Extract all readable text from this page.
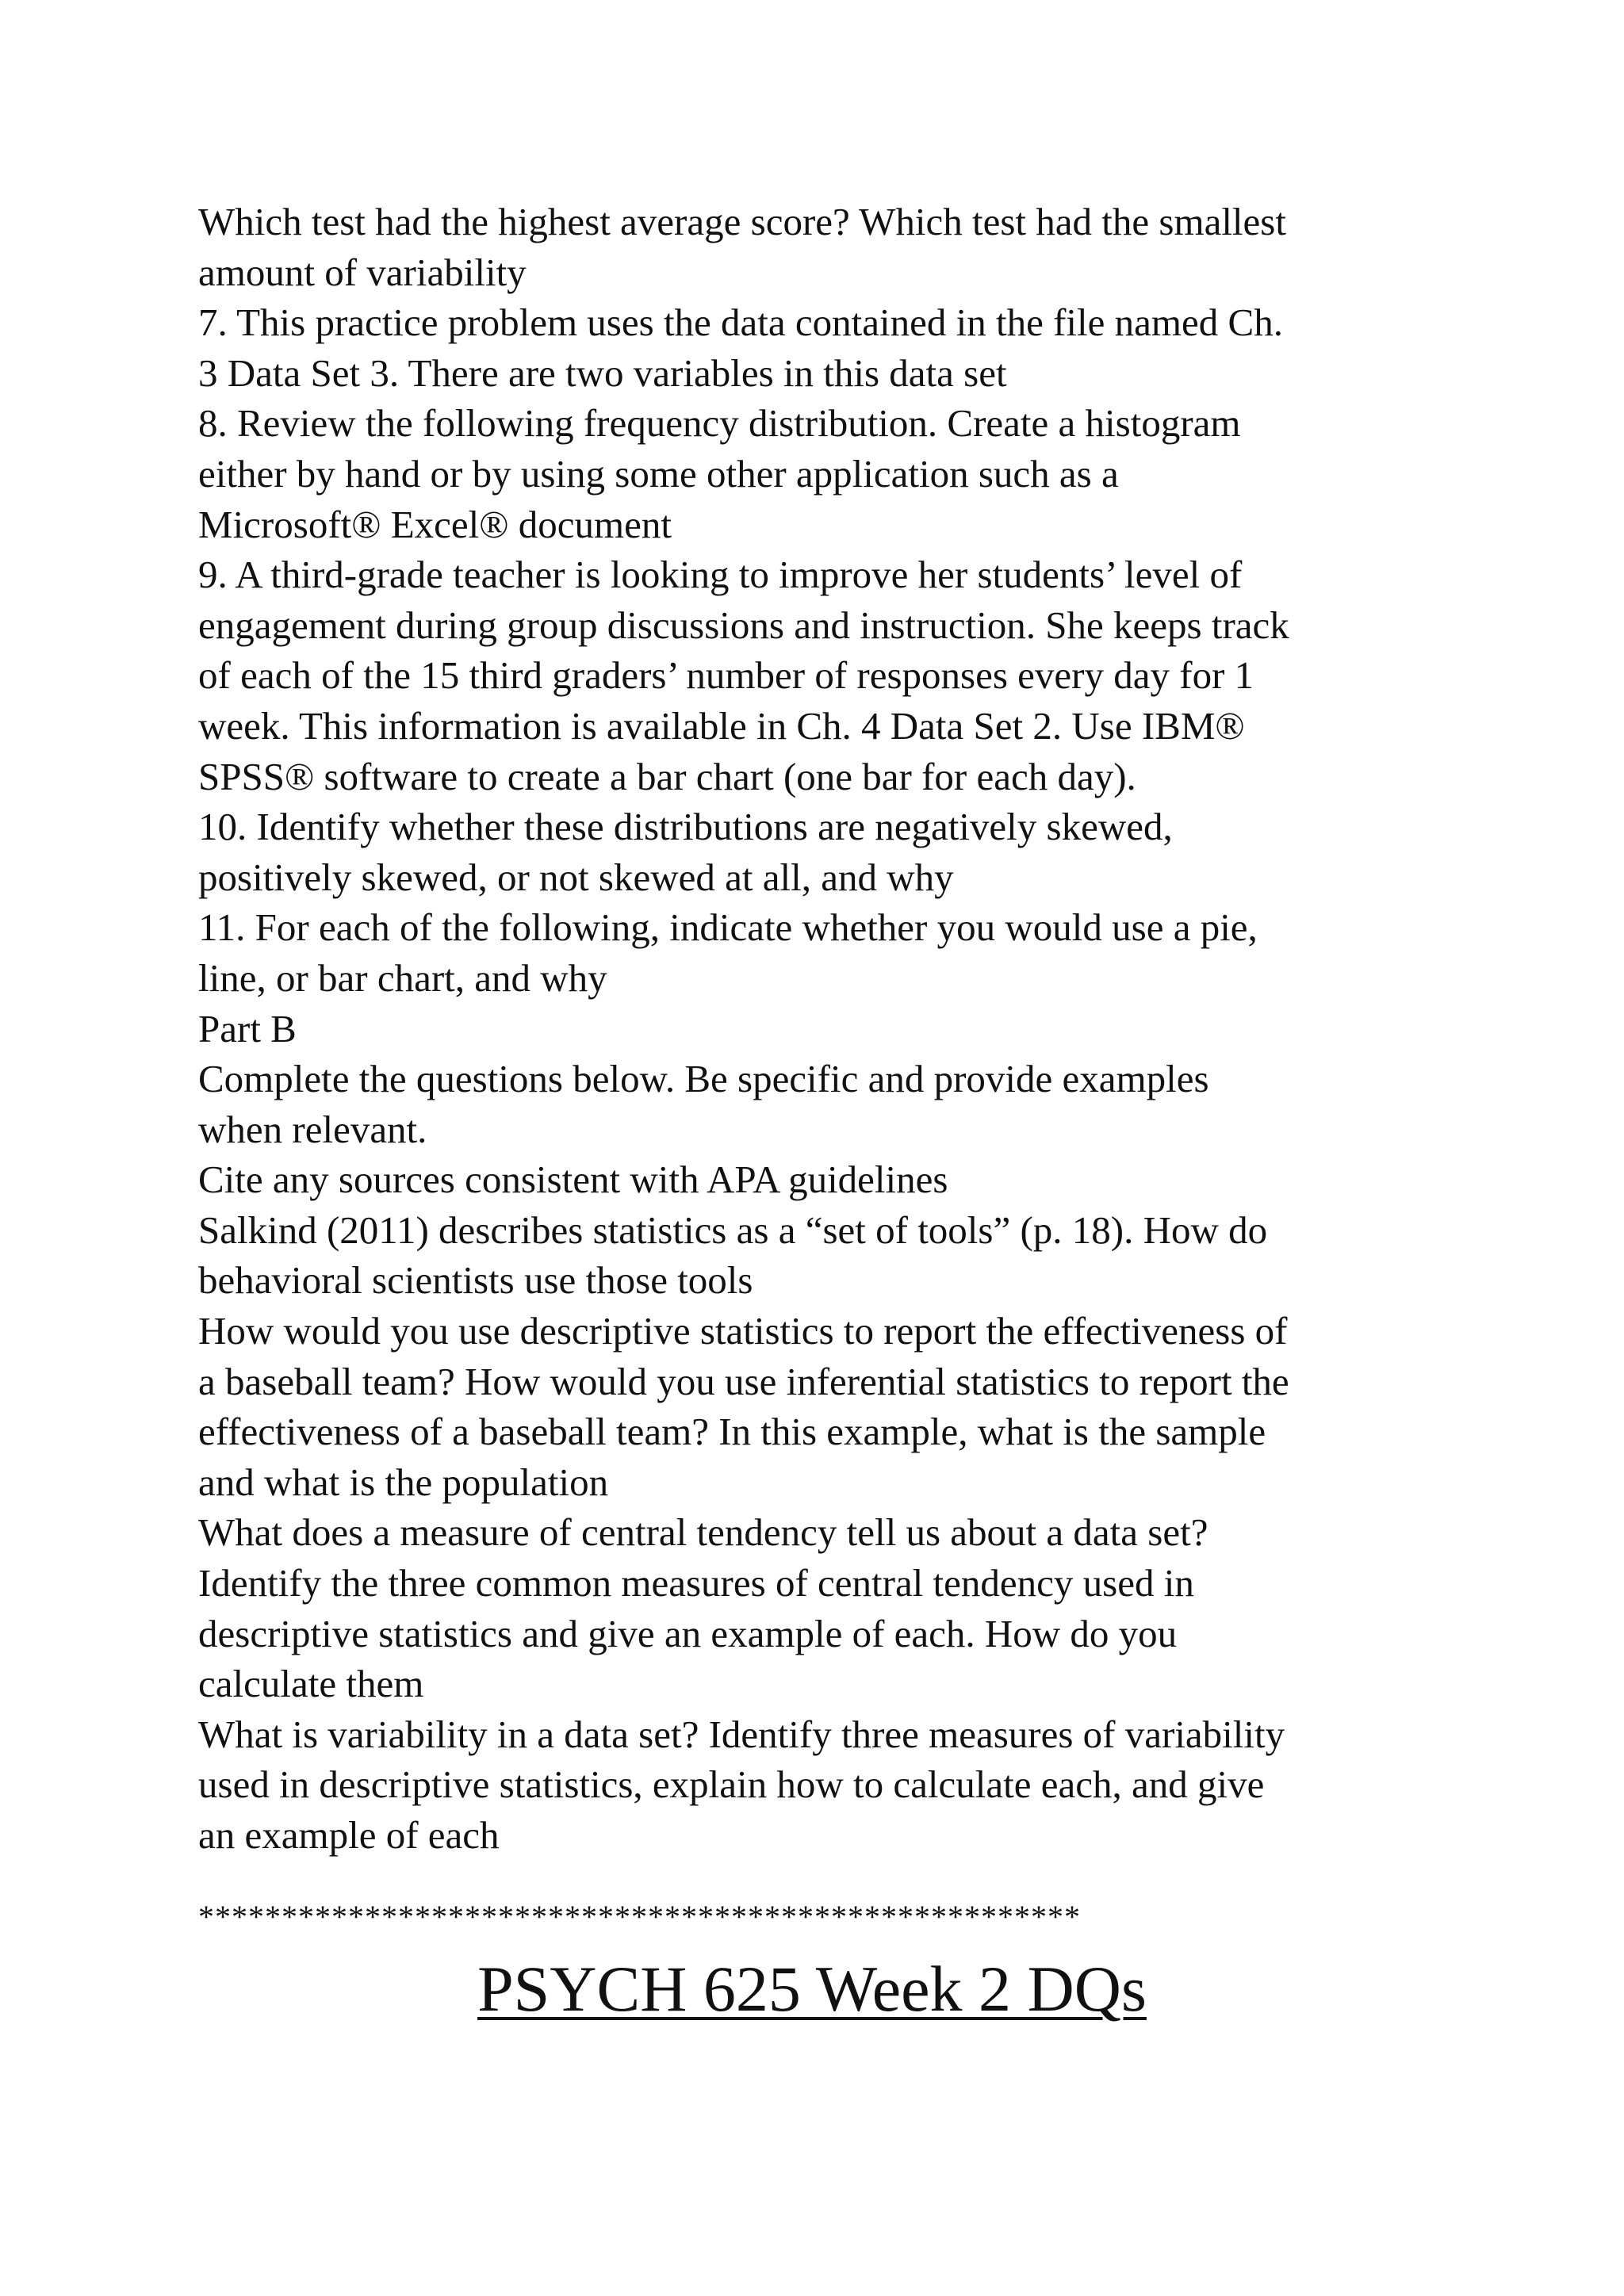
Which test had the highest average score? Which test had the smallest
amount of variability
7. This practice problem uses the data contained in the file named Ch.
3 Data Set 3. There are two variables in this data set
8. Review the following frequency distribution. Create a histogram
either by hand or by using some other application such as a
Microsoft® Excel® document
9. A third-grade teacher is looking to improve her students’ level of
engagement during group discussions and instruction. She keeps track
of each of the 15 third graders’ number of responses every day for 1
week. This information is available in Ch. 4 Data Set 2. Use IBM®
SPSS® software to create a bar chart (one bar for each day).
10. Identify whether these distributions are negatively skewed,
positively skewed, or not skewed at all, and why
11. For each of the following, indicate whether you would use a pie,
line, or bar chart, and why
Part B
Complete the questions below. Be specific and provide examples
when relevant.
Cite any sources consistent with APA guidelines
Salkind (2011) describes statistics as a “set of tools” (p. 18). How do
behavioral scientists use those tools
How would you use descriptive statistics to report the effectiveness of
a baseball team? How would you use inferential statistics to report the
effectiveness of a baseball team? In this example, what is the sample
and what is the population
What does a measure of central tendency tell us about a data set?
Identify the three common measures of central tendency used in
descriptive statistics and give an example of each. How do you
calculate them
What is variability in a data set? Identify three measures of variability
used in descriptive statistics, explain how to calculate each, and give
an example of each
*****************************************************
PSYCH 625 Week 2 DQs
